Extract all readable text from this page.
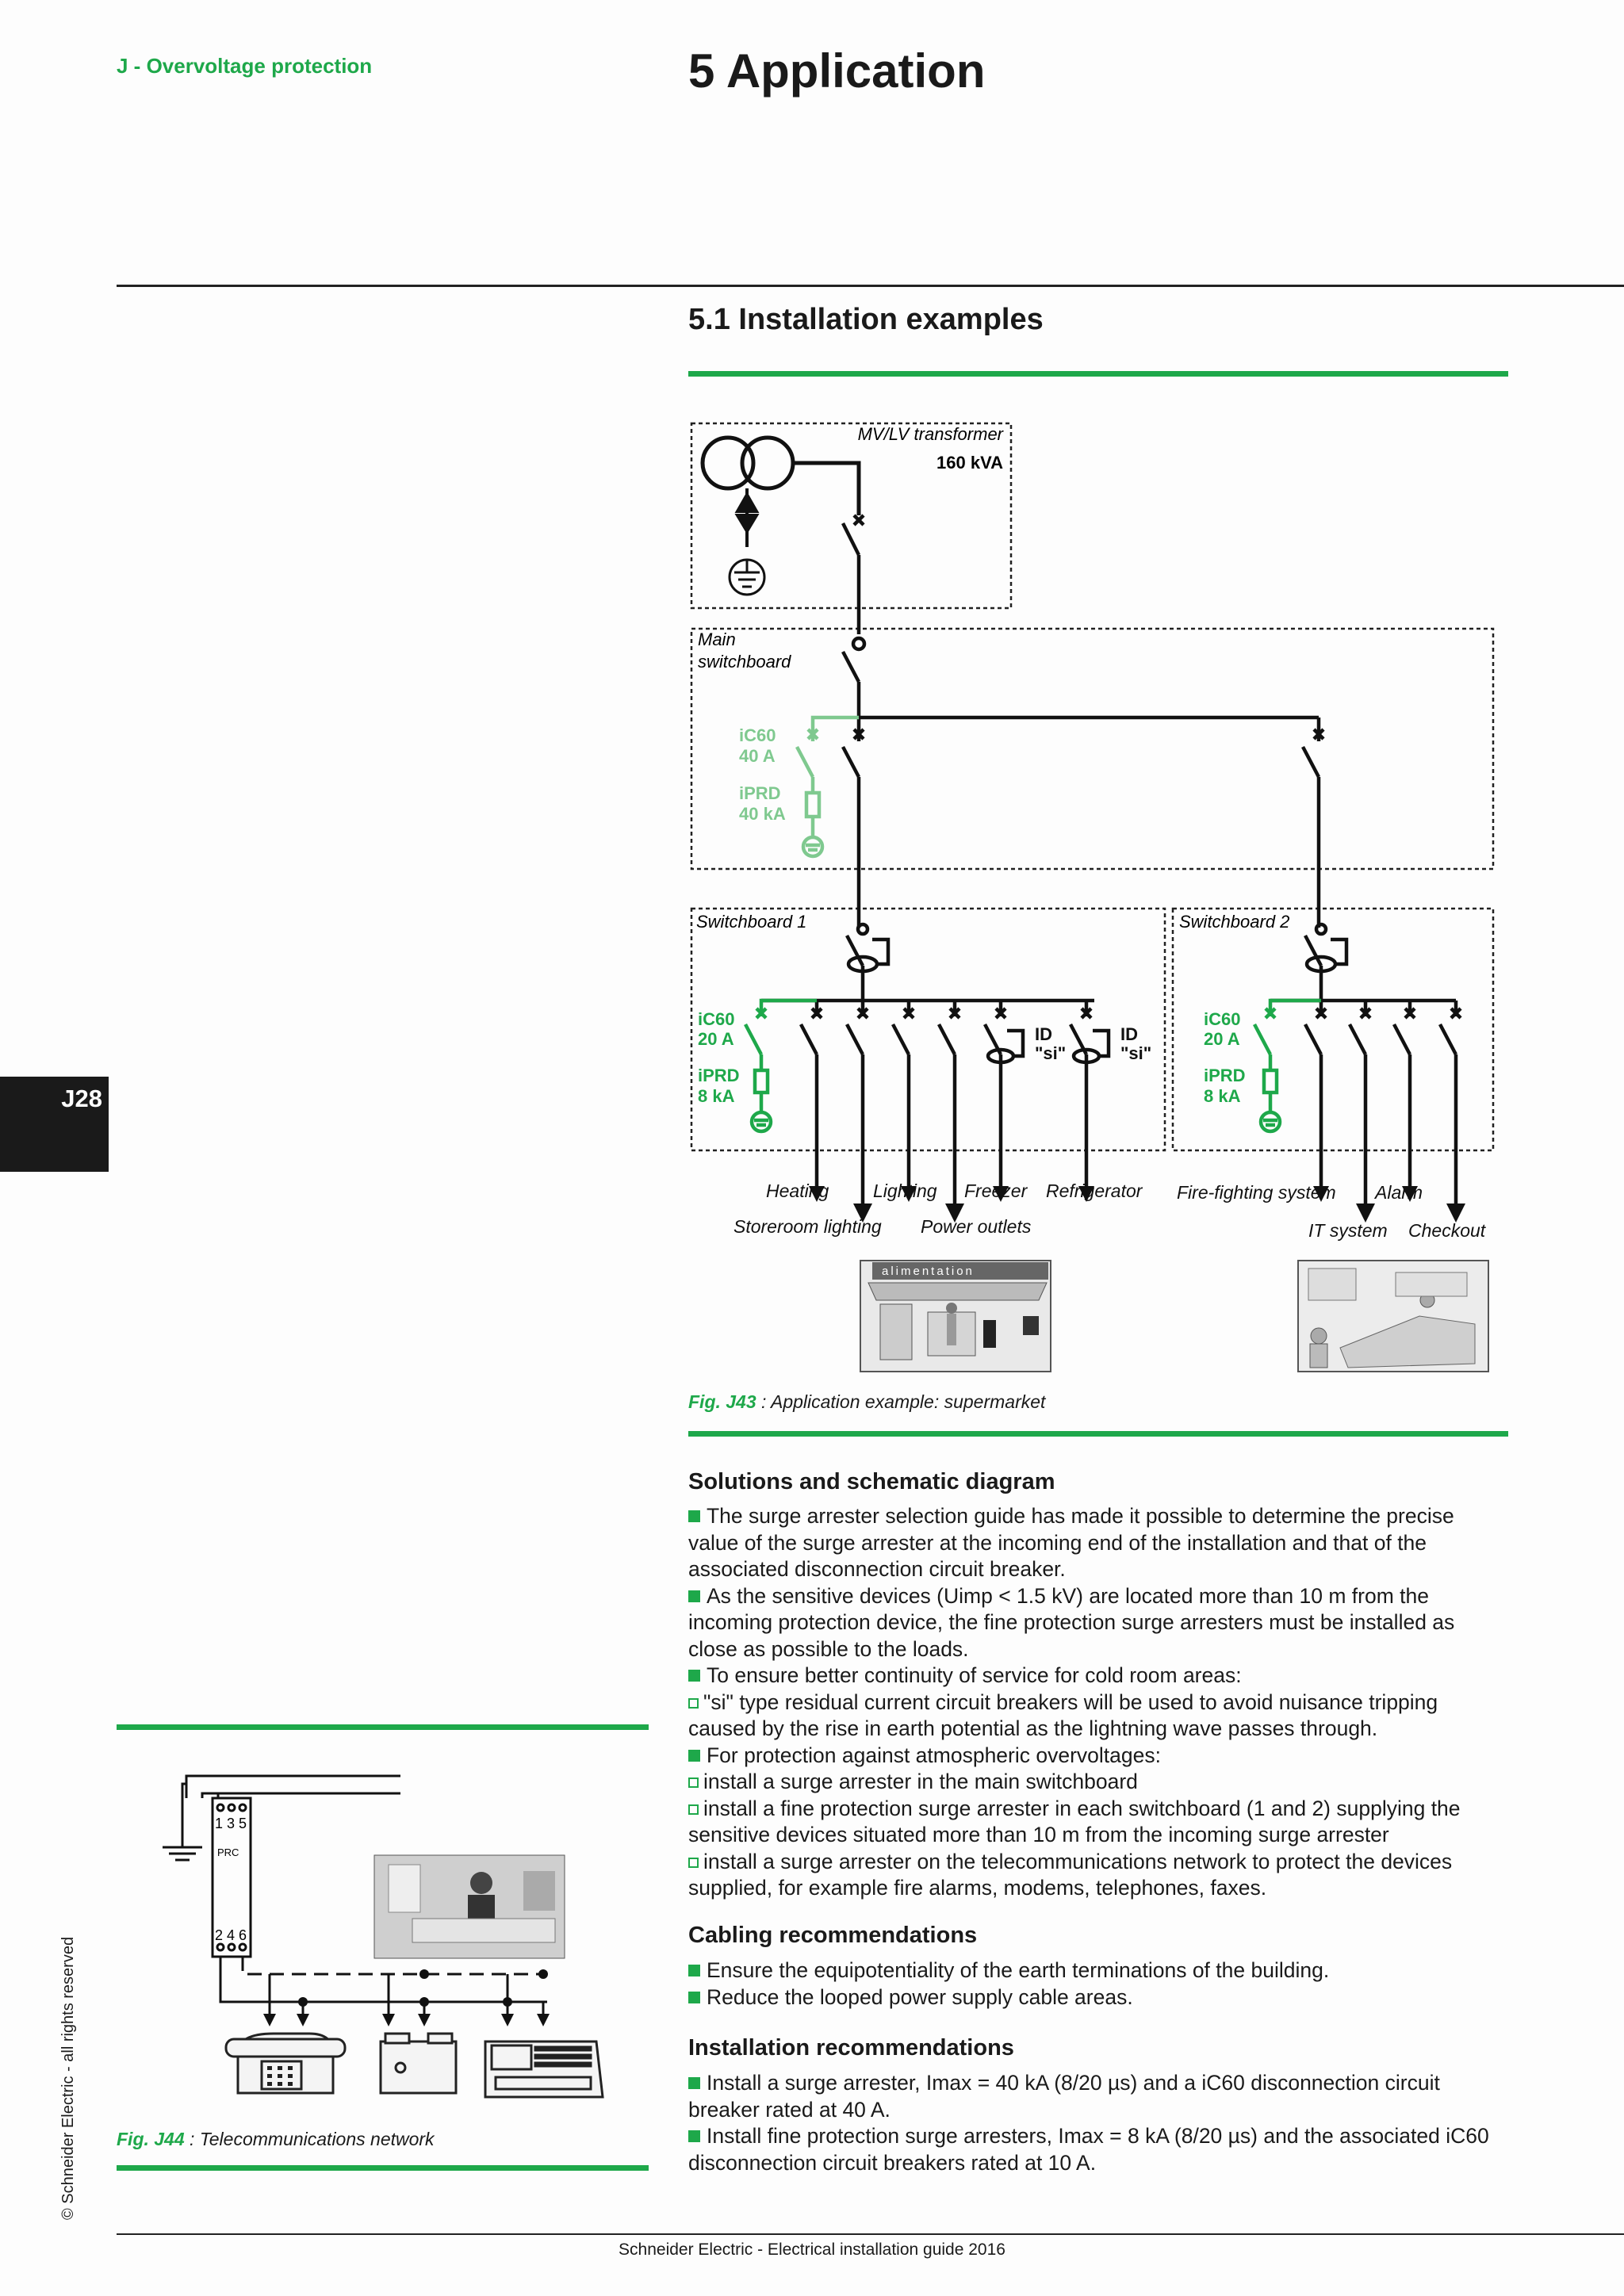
J - Overvoltage protection	5 Application
5.1 Installation examples
J28
© Schneider Electric - all rights reserved
MV/LV transformer
160 kVA
Main
switchboard
iC60
40 A
iPRD
40 kA
Switchboard 1
iC60
20 A
iPRD
8 kA
ID
"si"
ID
"si"
Switchboard 2
iC60
20 A
iPRD
8 kA
Heating Lighting Freezer Refrigerator
Storeroom lighting Power outlets
Fire-fighting system Alarm
IT system Checkout
alimentation
Fig. J43 : Application example: supermarket
Solutions and schematic diagram

The surge arrester selection guide has made it possible to determine the precise value of the surge arrester at the incoming end of the installation and that of the associated disconnection circuit breaker.

As the sensitive devices (Uimp < 1.5 kV) are located more than 10 m from the incoming protection device, the fine protection surge arresters must be installed as close as possible to the loads.

To ensure better continuity of service for cold room areas:

"si" type residual current circuit breakers will be used to avoid nuisance tripping caused by the rise in earth potential as the lightning wave passes through.

For protection against atmospheric overvoltages:

install a surge arrester in the main switchboard

install a fine protection surge arrester in each switchboard (1 and 2) supplying the sensitive devices situated more than 10 m from the incoming surge arrester

install a surge arrester on the telecommunications network to protect the devices supplied, for example fire alarms, modems, telephones, faxes.

Cabling recommendations

Ensure the equipotentiality of the earth terminations of the building.

Reduce the looped power supply cable areas.

Installation recommendations

Install a surge arrester, Imax = 40 kA (8/20 µs) and a iC60 disconnection circuit breaker rated at 40 A.

Install fine protection surge arresters, Imax = 8 kA (8/20 µs) and the associated iC60 disconnection circuit breakers rated at 10 A.

1 3 5
PRC
2 4 6
Fig. J44 : Telecommunications network
Schneider Electric - Electrical installation guide 2016
